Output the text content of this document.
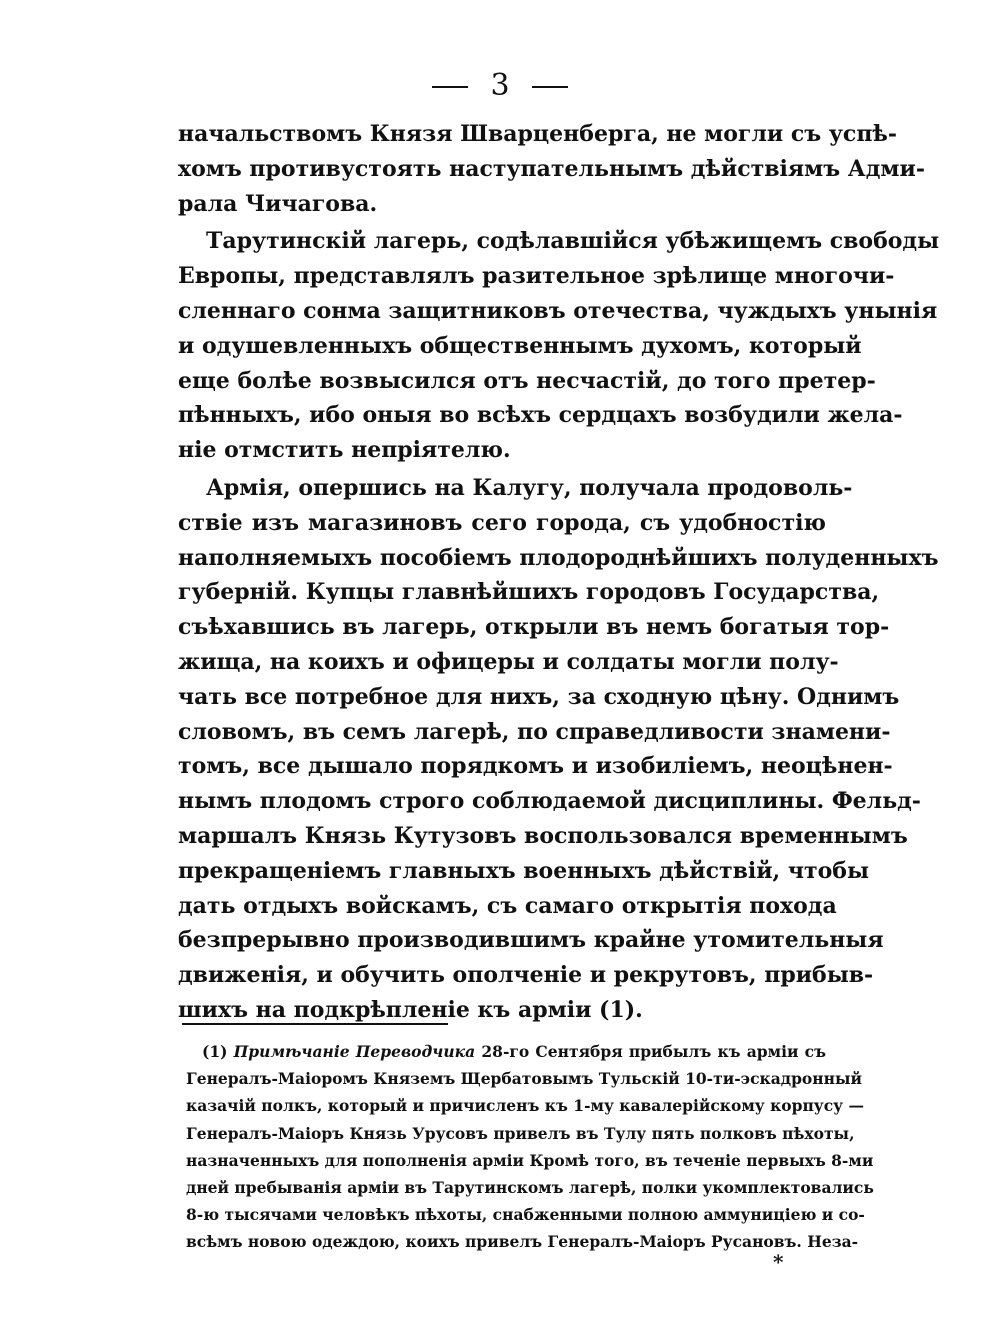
3
начальствомъ Князя Шварценберга, не могли съ успѣ-
хомъ противустоять наступательнымъ дѣйствіямъ Адми-
рала Чичагова.
Тарутинскій лагерь, содѣлавшійся убѣжищемъ свободы
Европы, представлялъ разительное зрѣлище многочи-
сленнаго сонма защитниковъ отечества, чуждыхъ унынія
и одушевленныхъ общественнымъ духомъ, который
еще болѣе возвысился отъ несчастій, до того претер-
пѣнныхъ, ибо оныя во всѣхъ сердцахъ возбудили жела-
ніе отмстить непріятелю.
Армія, опершись на Калугу, получала продоволь-
ствіе изъ магазиновъ сего города, съ удобностію
наполняемыхъ пособіемъ плодороднѣйшихъ полуденныхъ
губерній. Купцы главнѣйшихъ городовъ Государства,
съѣхавшись въ лагерь, открыли въ немъ богатыя тор-
жища, на коихъ и офицеры и солдаты могли полу-
чать все потребное для нихъ, за сходную цѣну. Однимъ
словомъ, въ семъ лагерѣ, по справедливости знамени-
томъ, все дышало порядкомъ и изобиліемъ, неоцѣнен-
нымъ плодомъ строго соблюдаемой дисциплины. Фельд-
маршалъ Князь Кутузовъ воспользовался временнымъ
прекращеніемъ главныхъ военныхъ дѣйствій, чтобы
дать отдыхъ войскамъ, съ самаго открытія похода
безпрерывно производившимъ крайне утомительныя
движенія, и обучить ополченіе и рекрутовъ, прибыв-
шихъ на подкрѣпленіе къ арміи (1).
(1) Примѣчаніе Переводчика 28-го Сентября прибылъ къ арміи съ
Генералъ-Маіоромъ Княземъ Щербатовымъ Тульскій 10-ти-эскадронный
казачій полкъ, который и причисленъ къ 1-му кавалерійскому корпусу —
Генералъ-Маіоръ Князь Урусовъ привелъ въ Тулу пять полковъ пѣхоты,
назначенныхъ для пополненія арміи Кромѣ того, въ теченіе первыхъ 8-ми
дней пребыванія арміи въ Тарутинскомъ лагерѣ, полки укомплектовались
8-ю тысячами человѣкъ пѣхоты, снабженными полною аммуниціею и со-
всѣмъ новою одеждою, коихъ привелъ Генералъ-Маіоръ Русановъ. Неза-
*
